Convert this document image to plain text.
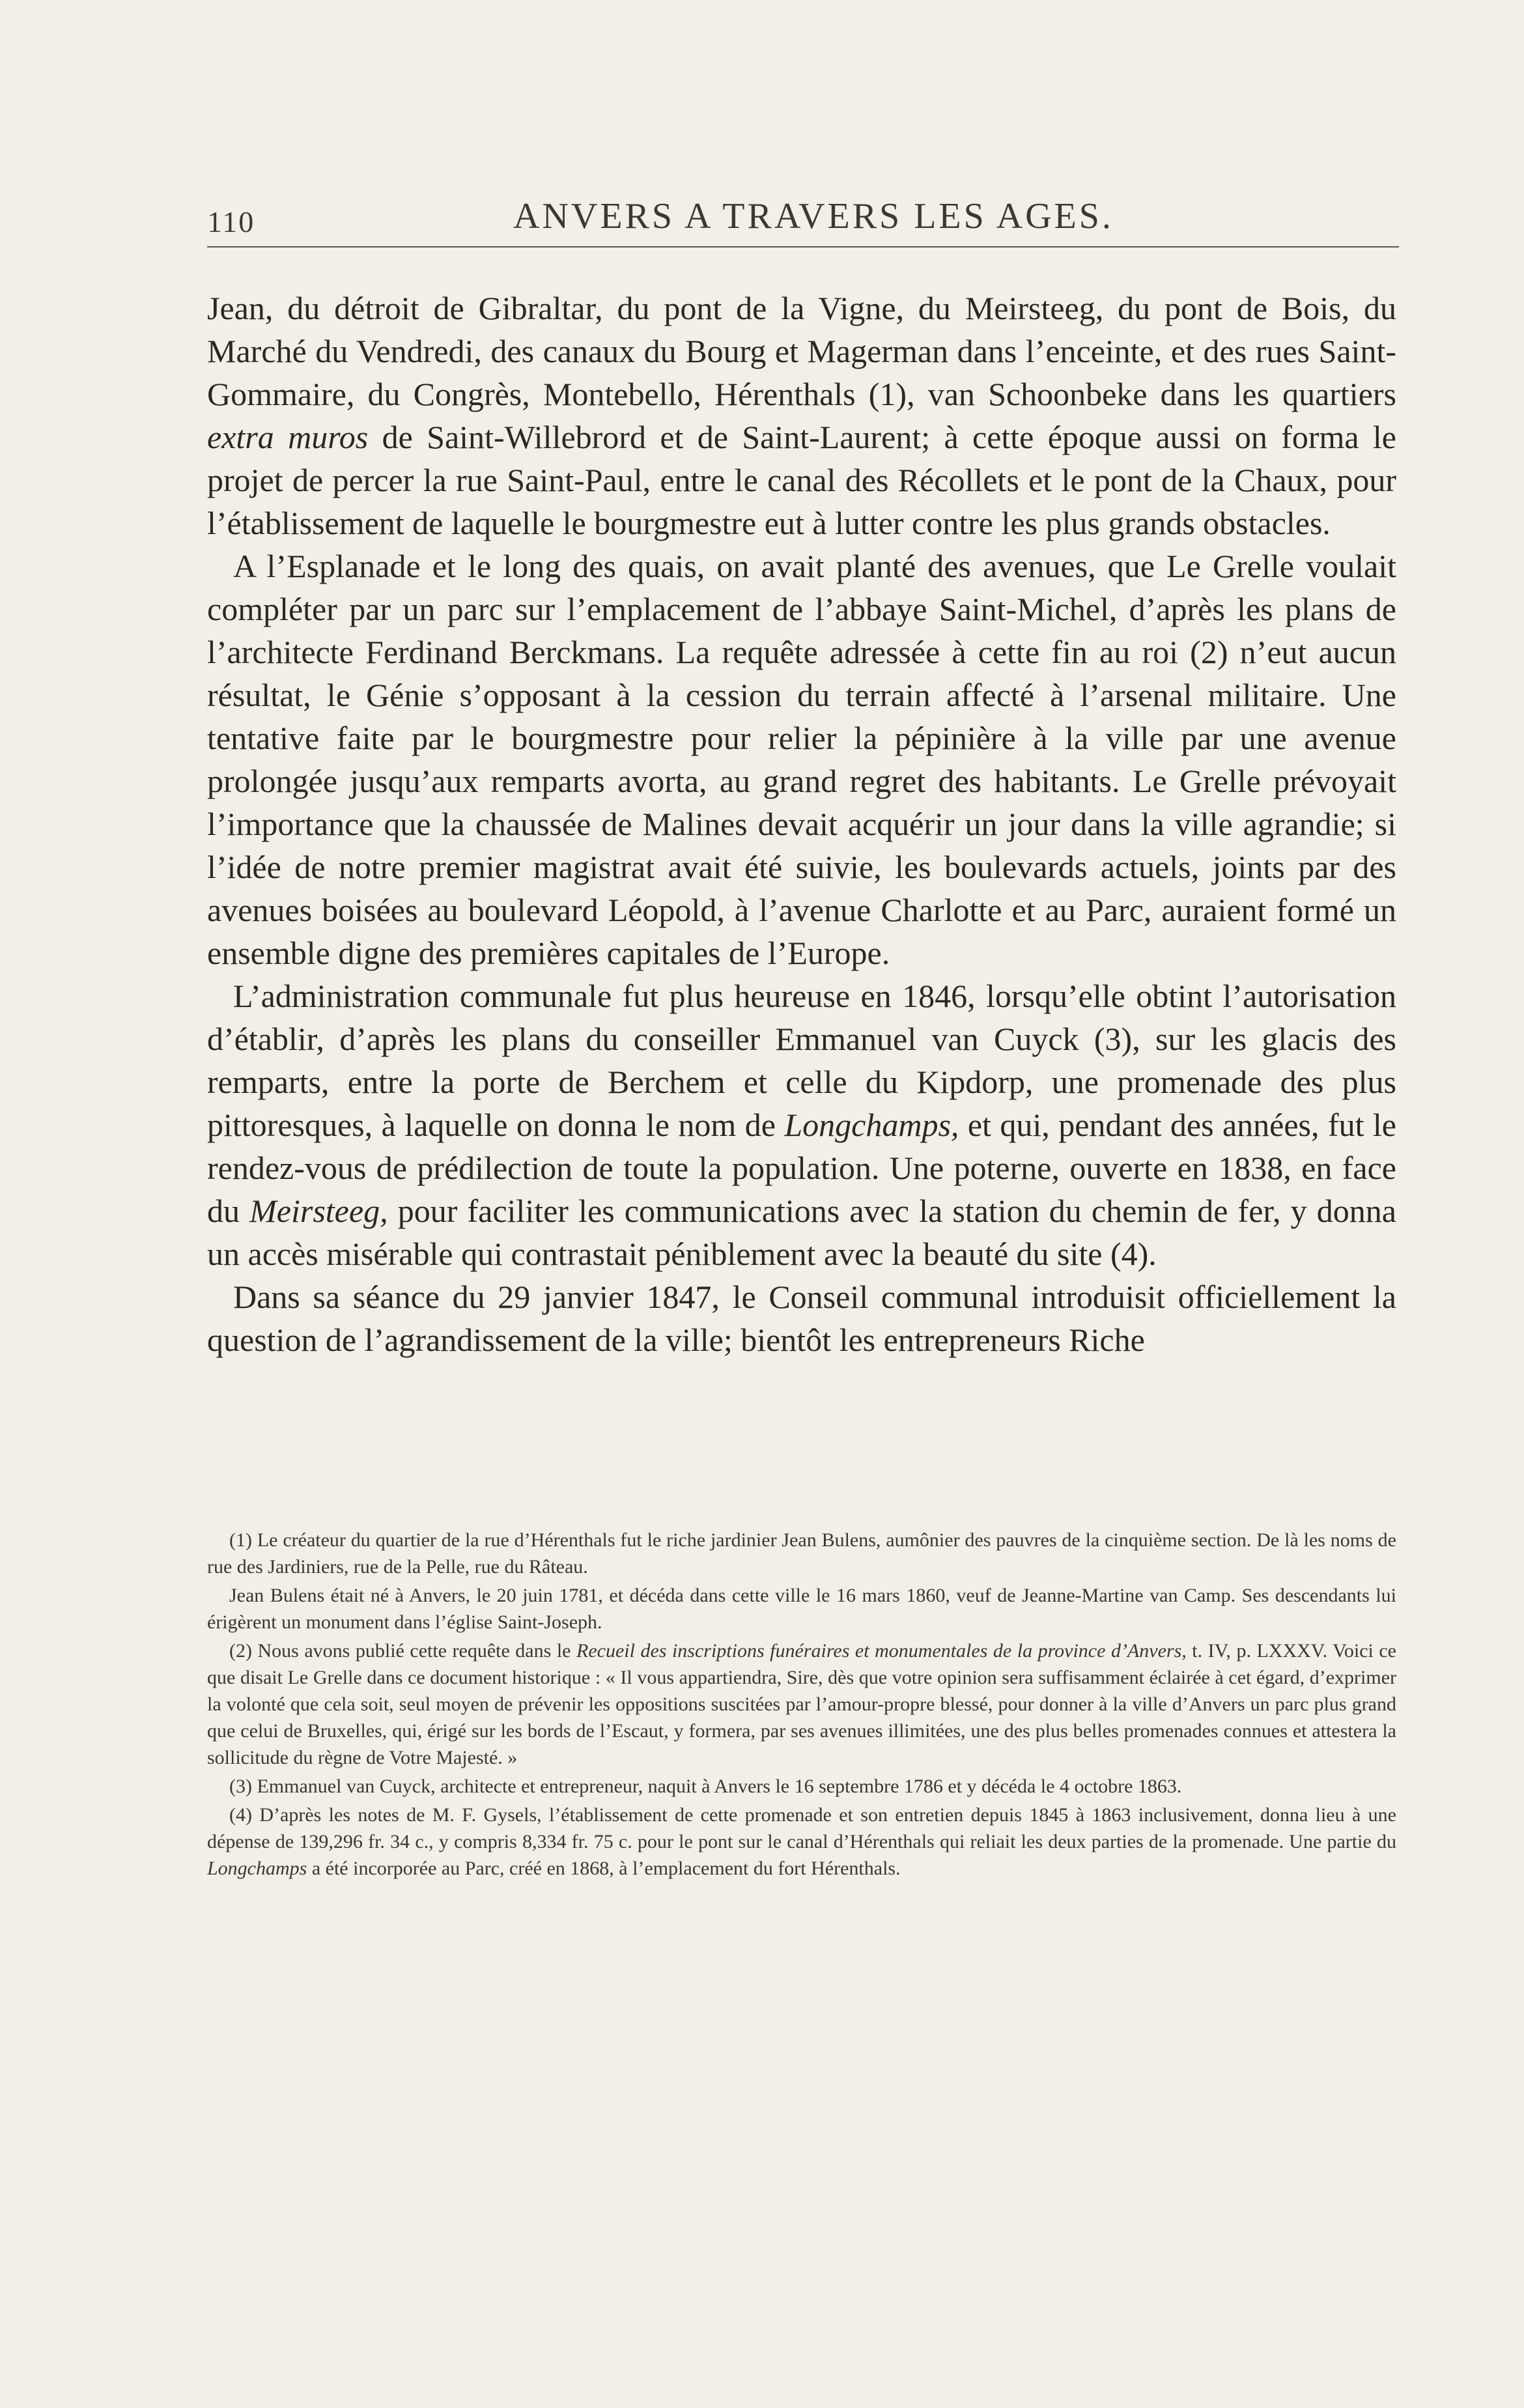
110	ANVERS A TRAVERS LES AGES.

Jean, du détroit de Gibraltar, du pont de la Vigne, du Meirsteeg, du pont de Bois, du Marché du Vendredi, des canaux du Bourg et Magerman dans l’enceinte, et des rues Saint-Gommaire, du Congrès, Montebello, Hérenthals (1), van Schoonbeke dans les quartiers extra muros de Saint-Willebrord et de Saint-Laurent; à cette époque aussi on forma le projet de percer la rue Saint-Paul, entre le canal des Récollets et le pont de la Chaux, pour l’établissement de laquelle le bourgmestre eut à lutter contre les plus grands obstacles.

A l’Esplanade et le long des quais, on avait planté des avenues, que Le Grelle voulait compléter par un parc sur l’emplacement de l’abbaye Saint-Michel, d’après les plans de l’architecte Ferdinand Berckmans. La requête adressée à cette fin au roi (2) n’eut aucun résultat, le Génie s’opposant à la cession du terrain affecté à l’arsenal militaire. Une tentative faite par le bourgmestre pour relier la pépinière à la ville par une avenue prolongée jusqu’aux remparts avorta, au grand regret des habitants. Le Grelle prévoyait l’importance que la chaussée de Malines devait acquérir un jour dans la ville agrandie; si l’idée de notre premier magistrat avait été suivie, les boulevards actuels, joints par des avenues boisées au boulevard Léopold, à l’avenue Charlotte et au Parc, auraient formé un ensemble digne des premières capitales de l’Europe.

L’administration communale fut plus heureuse en 1846, lorsqu’elle obtint l’autorisation d’établir, d’après les plans du conseiller Emmanuel van Cuyck (3), sur les glacis des remparts, entre la porte de Berchem et celle du Kipdorp, une promenade des plus pittoresques, à laquelle on donna le nom de Longchamps, et qui, pendant des années, fut le rendez-vous de prédilection de toute la population. Une poterne, ouverte en 1838, en face du Meirsteeg, pour faciliter les communications avec la station du chemin de fer, y donna un accès misérable qui contrastait péniblement avec la beauté du site (4).

Dans sa séance du 29 janvier 1847, le Conseil communal introduisit officiellement la question de l’agrandissement de la ville; bientôt les entrepreneurs Riche

(1) Le créateur du quartier de la rue d’Hérenthals fut le riche jardinier Jean Bulens, aumônier des pauvres de la cinquième section. De là les noms de rue des Jardiniers, rue de la Pelle, rue du Râteau.

Jean Bulens était né à Anvers, le 20 juin 1781, et décéda dans cette ville le 16 mars 1860, veuf de Jeanne-Martine van Camp. Ses descendants lui érigèrent un monument dans l’église Saint-Joseph.

(2) Nous avons publié cette requête dans le Recueil des inscriptions funéraires et monumentales de la province d’Anvers, t. IV, p. LXXXV. Voici ce que disait Le Grelle dans ce document historique : « Il vous appartiendra, Sire, dès que votre opinion sera suffisamment éclairée à cet égard, d’exprimer la volonté que cela soit, seul moyen de prévenir les oppositions suscitées par l’amour-propre blessé, pour donner à la ville d’Anvers un parc plus grand que celui de Bruxelles, qui, érigé sur les bords de l’Escaut, y formera, par ses avenues illimitées, une des plus belles promenades connues et attestera la sollicitude du règne de Votre Majesté. »

(3) Emmanuel van Cuyck, architecte et entrepreneur, naquit à Anvers le 16 septembre 1786 et y décéda le 4 octobre 1863.

(4) D’après les notes de M. F. Gysels, l’établissement de cette promenade et son entretien depuis 1845 à 1863 inclusivement, donna lieu à une dépense de 139,296 fr. 34 c., y compris 8,334 fr. 75 c. pour le pont sur le canal d’Hérenthals qui reliait les deux parties de la promenade. Une partie du Longchamps a été incorporée au Parc, créé en 1868, à l’emplacement du fort Hérenthals.
